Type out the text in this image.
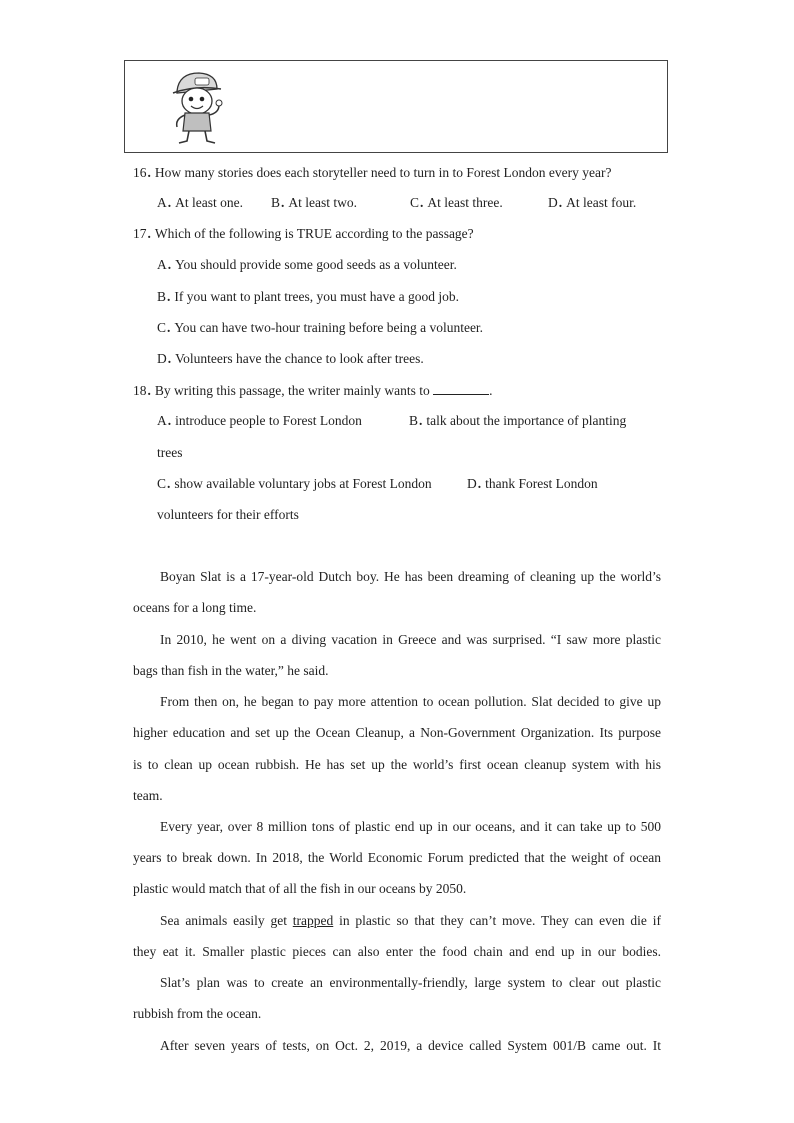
16. How many stories does each storyteller need to turn in to Forest London every year?
A. At least one. B. At least two.	C. At least three.	D. At least four.
17. Which of the following is TRUE according to the passage?
A. You should provide some good seeds as a volunteer.
B. If you want to plant trees, you must have a good job.
C. You can have two-hour training before being a volunteer.
D. Volunteers have the chance to look after trees.
18. By writing this passage, the writer mainly wants to	.
A. introduce people to Forest London	B. talk about the importance of planting
trees
C. show available voluntary jobs at Forest London	D. thank Forest London
volunteers for their efforts
Boyan Slat is a 17-year-old Dutch boy. He has been dreaming of cleaning up the world’s
oceans for a long time.
In 2010, he went on a diving vacation in Greece and was surprised. “I saw more plastic
bags than fish in the water,” he said.
From then on, he began to pay more attention to ocean pollution. Slat decided to give up
higher education and set up the Ocean Cleanup, a Non-Government Organization. Its purpose
is to clean up ocean rubbish. He has set up the world’s first ocean cleanup system with his
team.
Every year, over 8 million tons of plastic end up in our oceans, and it can take up to 500
years to break down. In 2018, the World Economic Forum predicted that the weight of ocean
plastic would match that of all the fish in our oceans by 2050.
Sea animals easily get trapped in plastic so that they can’t move. They can even die if
they eat it. Smaller plastic pieces can also enter the food chain and end up in our bodies.
Slat’s plan was to create an environmentally-friendly, large system to clear out plastic
rubbish from the ocean.
After seven years of tests, on Oct. 2, 2019, a device called System 001/B came out. It
